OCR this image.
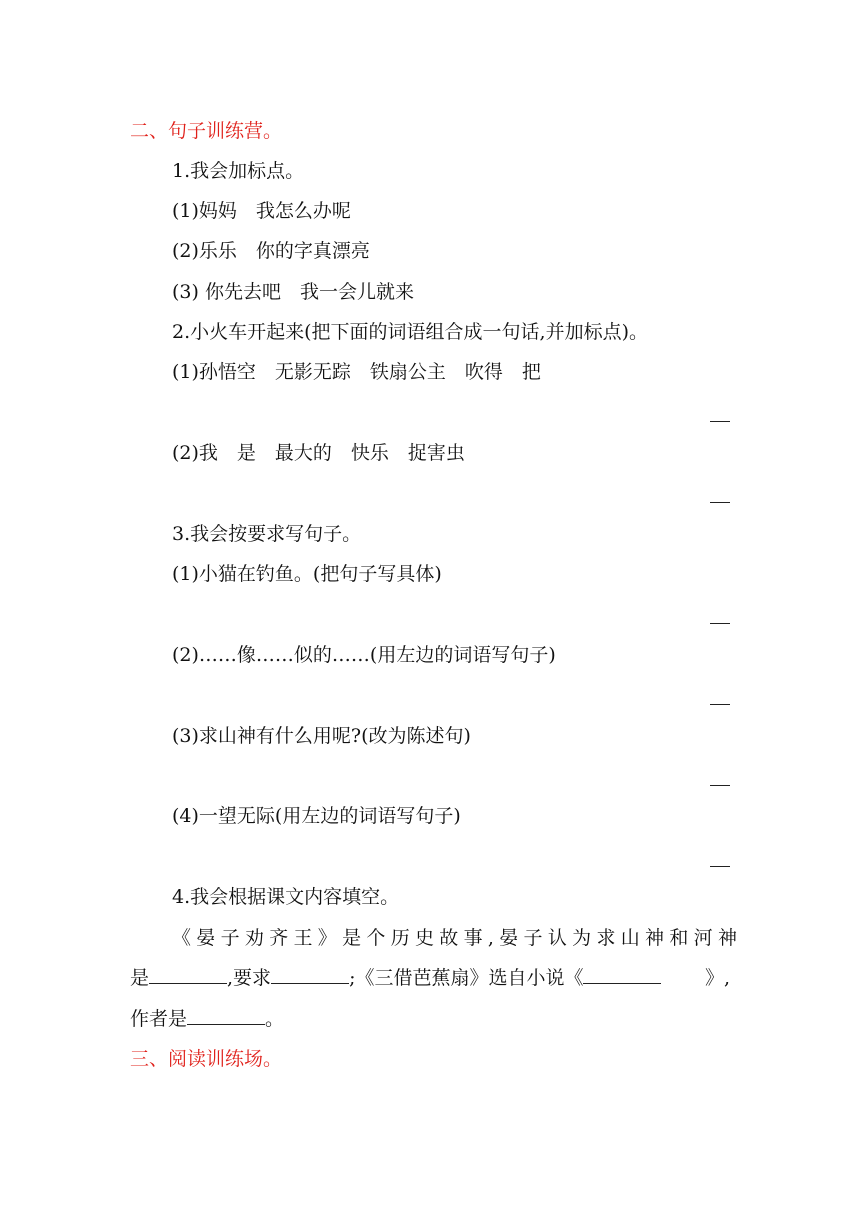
二、句子训练营。
1.我会加标点。
(1)妈妈　我怎么办呢
(2)乐乐　你的字真漂亮
(3) 你先去吧　我一会儿就来
2.小火车开起来(把下面的词语组合成一句话,并加标点)。
(1)孙悟空　无影无踪　铁扇公主　吹得　把
(2)我　是　最大的　快乐　捉害虫
3.我会按要求写句子。
(1)小猫在钓鱼。(把句子写具体)
(2)……像……似的……(用左边的词语写句子)
(3)求山神有什么用呢?(改为陈述句)
(4)一望无际(用左边的词语写句子)
4.我会根据课文内容填空。
《晏子劝齐王》是个历史故事,晏子认为求山神和河神
是	,要求	;《三借芭蕉扇》选自小说《	》,
作者是	。
三、阅读训练场。
